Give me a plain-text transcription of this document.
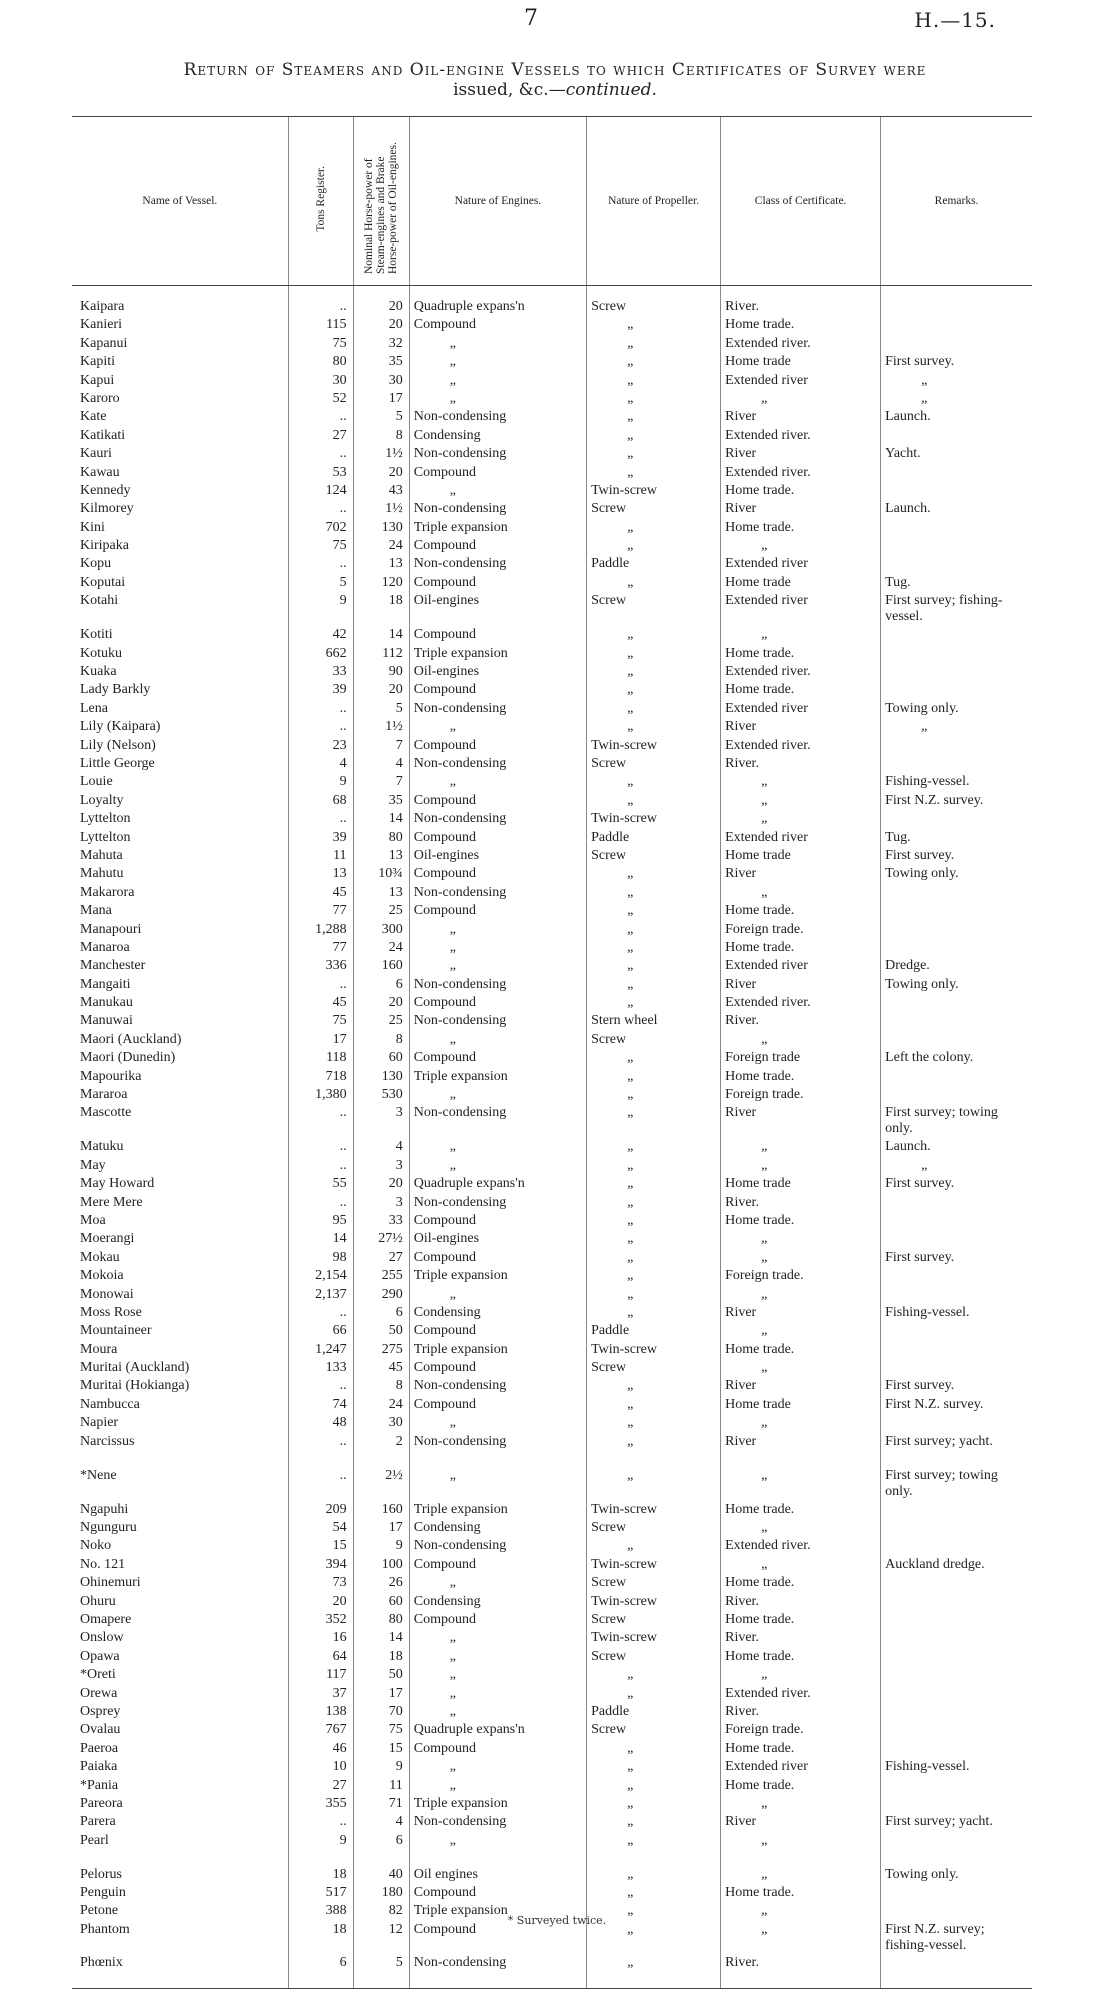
7	H.—15.
Return of Steamers and Oil-engine Vessels to which Certificates of Survey were
issued, &c.—continued.
Name of Vessel.	Tons Register.	Nominal Horse-power of Steam-engines and Brake Horse-power of Oil-engines.	Nature of Engines.	Nature of Propeller.	Class of Certificate.	Remarks.

Kaipara	..	20	Quadruple expans'n	Screw	River.	
Kanieri	115	20	Compound	„	Home trade.	
Kapanui	75	32	„	„	Extended river.	
Kapiti	80	35	„	„	Home trade	First survey.
Kapui	30	30	„	„	Extended river	„
Karoro	52	17	„	„	„	„
Kate	..	5	Non-condensing	„	River	Launch.
Katikati	27	8	Condensing	„	Extended river.	
Kauri	..	1½	Non-condensing	„	River	Yacht.
Kawau	53	20	Compound	„	Extended river.	
Kennedy	124	43	„	Twin-screw	Home trade.	
Kilmorey	..	1½	Non-condensing	Screw	River	Launch.
Kini	702	130	Triple expansion	„	Home trade.	
Kiripaka	75	24	Compound	„	„	
Kopu	..	13	Non-condensing	Paddle	Extended river	
Koputai	5	120	Compound	„	Home trade	Tug.
Kotahi	9	18	Oil-engines	Screw	Extended river	First survey; fishing-vessel.
Kotiti	42	14	Compound	„	„	
Kotuku	662	112	Triple expansion	„	Home trade.	
Kuaka	33	90	Oil-engines	„	Extended river.	
Lady Barkly	39	20	Compound	„	Home trade.	
Lena	..	5	Non-condensing	„	Extended river	Towing only.
Lily (Kaipara)	..	1½	„	„	River	„
Lily (Nelson)	23	7	Compound	Twin-screw	Extended river.	
Little George	4	4	Non-condensing	Screw	River.	
Louie	9	7	„	„	„	Fishing-vessel.
Loyalty	68	35	Compound	„	„	First N.Z. survey.
Lyttelton	..	14	Non-condensing	Twin-screw	„	
Lyttelton	39	80	Compound	Paddle	Extended river	Tug.
Mahuta	11	13	Oil-engines	Screw	Home trade	First survey.
Mahutu	13	10¾	Compound	„	River	Towing only.
Makarora	45	13	Non-condensing	„	„	
Mana	77	25	Compound	„	Home trade.	
Manapouri	1,288	300	„	„	Foreign trade.	
Manaroa	77	24	„	„	Home trade.	
Manchester	336	160	„	„	Extended river	Dredge.
Mangaiti	..	6	Non-condensing	„	River	Towing only.
Manukau	45	20	Compound	„	Extended river.	
Manuwai	75	25	Non-condensing	Stern wheel	River.	
Maori (Auckland)	17	8	„	Screw	„	
Maori (Dunedin)	118	60	Compound	„	Foreign trade	Left the colony.
Mapourika	718	130	Triple expansion	„	Home trade.	
Mararoa	1,380	530	„	„	Foreign trade.	
Mascotte	..	3	Non-condensing	„	River	First survey; towing only.
Matuku	..	4	„	„	„	Launch.
May	..	3	„	„	„	„
May Howard	55	20	Quadruple expans'n	„	Home trade	First survey.
Mere Mere	..	3	Non-condensing	„	River.	
Moa	95	33	Compound	„	Home trade.	
Moerangi	14	27½	Oil-engines	„	„	
Mokau	98	27	Compound	„	„	First survey.
Mokoia	2,154	255	Triple expansion	„	Foreign trade.	
Monowai	2,137	290	„	„	„	
Moss Rose	..	6	Condensing	„	River	Fishing-vessel.
Mountaineer	66	50	Compound	Paddle	„	
Moura	1,247	275	Triple expansion	Twin-screw	Home trade.	
Muritai (Auckland)	133	45	Compound	Screw	„	
Muritai (Hokianga)	..	8	Non-condensing	„	River	First survey.
Nambucca	74	24	Compound	„	Home trade	First N.Z. survey.
Napier	48	30	„	„	„	
Narcissus	..	2	Non-condensing	„	River	First survey; yacht.
*Nene	..	2½	„	„	„	First survey; towing only.
Ngapuhi	209	160	Triple expansion	Twin-screw	Home trade.	
Ngunguru	54	17	Condensing	Screw	„	
Noko	15	9	Non-condensing	„	Extended river.	
No. 121	394	100	Compound	Twin-screw	„	Auckland dredge.
Ohinemuri	73	26	„	Screw	Home trade.	
Ohuru	20	60	Condensing	Twin-screw	River.	
Omapere	352	80	Compound	Screw	Home trade.	
Onslow	16	14	„	Twin-screw	River.	
Opawa	64	18	„	Screw	Home trade.	
*Oreti	117	50	„	„	„	
Orewa	37	17	„	„	Extended river.	
Osprey	138	70	„	Paddle	River.	
Ovalau	767	75	Quadruple expans'n	Screw	Foreign trade.	
Paeroa	46	15	Compound	„	Home trade.	
Paiaka	10	9	„	„	Extended river	Fishing-vessel.
*Pania	27	11	„	„	Home trade.	
Pareora	355	71	Triple expansion	„	„	
Parera	..	4	Non-condensing	„	River	First survey; yacht.
Pearl	9	6	„	„	„	
Pelorus	18	40	Oil engines	„	„	Towing only.
Penguin	517	180	Compound	„	Home trade.	
Petone	388	82	Triple expansion	„	„	
Phantom	18	12	Compound	„	„	First N.Z. survey; fishing-vessel.
Phœnix	6	5	Non-condensing	„	River.	
* Surveyed twice.
